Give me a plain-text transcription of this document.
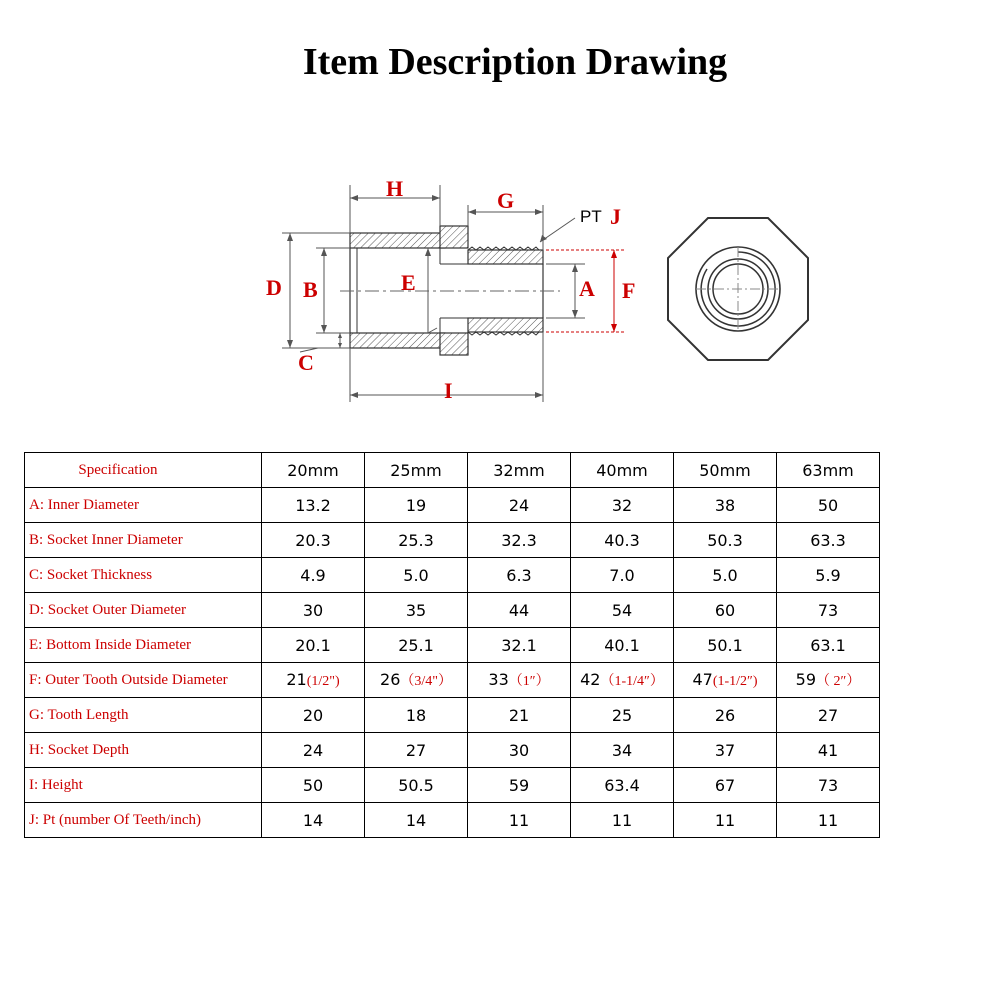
Item Description Drawing
H	G
PT J
D B	E	A F
C
I
Specification	20mm	25mm	32mm	40mm	50mm	63mm
A: Inner Diameter	13.2	19	24	32	38	50
B: Socket Inner Diameter	20.3	25.3	32.3	40.3	50.3	63.3
C: Socket Thickness	4.9	5.0	6.3	7.0	5.0	5.9
D: Socket Outer Diameter	30	35	44	54	60	73
E: Bottom Inside Diameter	20.1	25.1	32.1	40.1	50.1	63.1
F: Outer Tooth Outside Diameter	21(1/2")	26（3/4"）	33（1″）	42（1-1/4″）	47(1-1/2″)	59（ 2″）
G: Tooth Length	20	18	21	25	26	27
H: Socket Depth	24	27	30	34	37	41
I: Height	50	50.5	59	63.4	67	73
J: Pt (number Of Teeth/inch)	14	14	11	11	11	11
